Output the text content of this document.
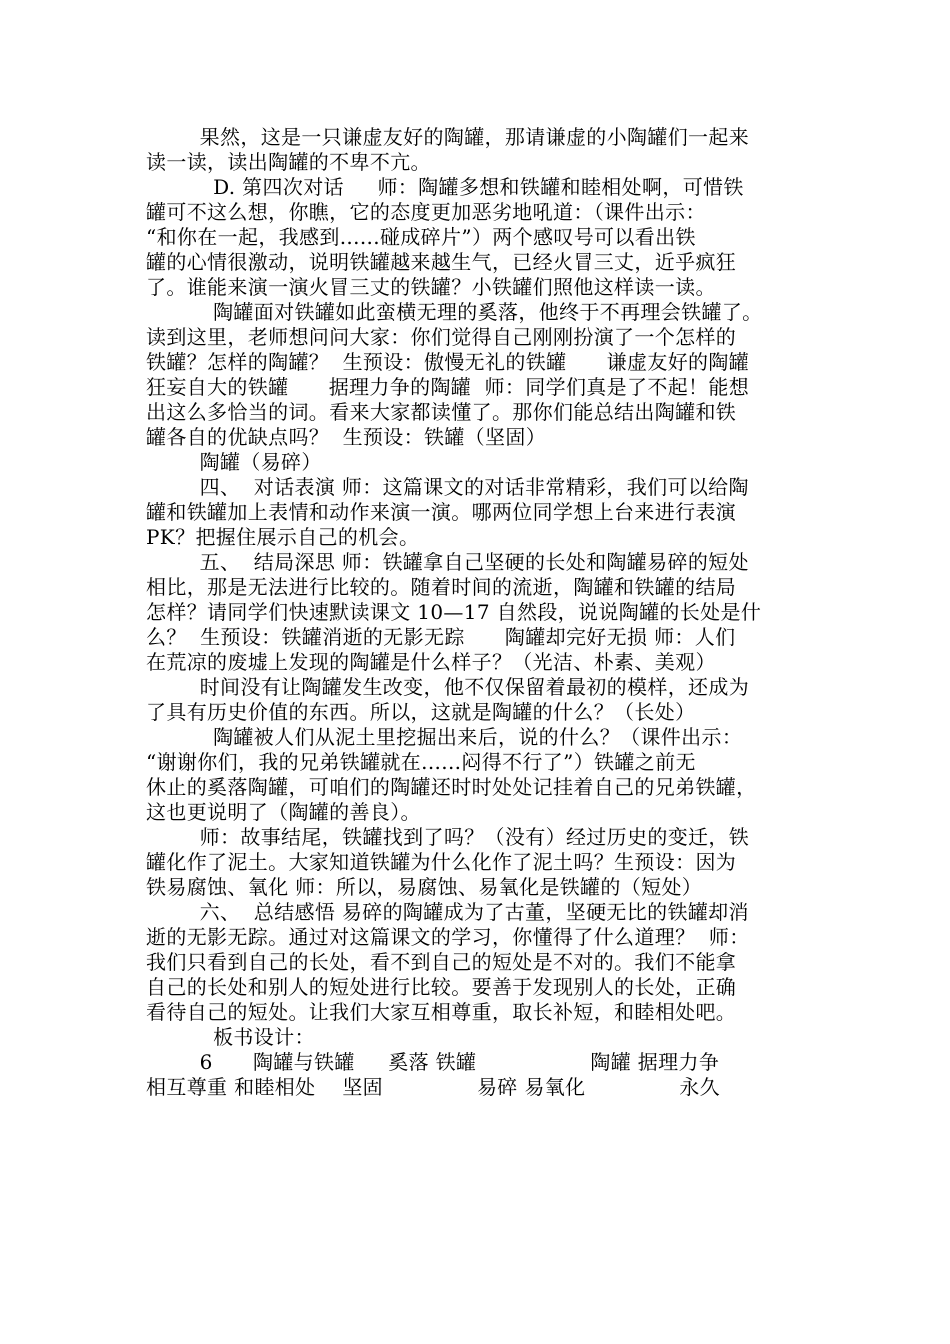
果然，这是一只谦虚友好的陶罐，那请谦虚的小陶罐们一起来
读一读，读出陶罐的不卑不亢。
D. 第四次对话     师：陶罐多想和铁罐和睦相处啊，可惜铁
罐可不这么想，你瞧，它的态度更加恶劣地吼道：（课件出示：
“和你在一起，我感到......碰成碎片”）两个感叹号可以看出铁
罐的心情很激动，说明铁罐越来越生气，已经火冒三丈，近乎疯狂
了。谁能来演一演火冒三丈的铁罐？小铁罐们照他这样读一读。
陶罐面对铁罐如此蛮横无理的奚落，他终于不再理会铁罐了。
读到这里，老师想问问大家：你们觉得自己刚刚扮演了一个怎样的
铁罐？怎样的陶罐？  生预设：傲慢无礼的铁罐      谦虚友好的陶罐
狂妄自大的铁罐      据理力争的陶罐  师：同学们真是了不起！能想
出这么多恰当的词。看来大家都读懂了。那你们能总结出陶罐和铁
罐各自的优缺点吗？  生预设：铁罐（坚固）
陶罐（易碎）
四、  对话表演 师：这篇课文的对话非常精彩，我们可以给陶
罐和铁罐加上表情和动作来演一演。哪两位同学想上台来进行表演
PK？把握住展示自己的机会。
五、  结局深思 师：铁罐拿自己坚硬的长处和陶罐易碎的短处
相比，那是无法进行比较的。随着时间的流逝，陶罐和铁罐的结局
怎样？请同学们快速默读课文 10—17 自然段，说说陶罐的长处是什
么？  生预设：铁罐消逝的无影无踪      陶罐却完好无损 师：人们
在荒凉的废墟上发现的陶罐是什么样子？（光洁、朴素、美观）
时间没有让陶罐发生改变，他不仅保留着最初的模样，还成为
了具有历史价值的东西。所以，这就是陶罐的什么？（长处）
陶罐被人们从泥土里挖掘出来后，说的什么？（课件出示：
“谢谢你们，我的兄弟铁罐就在......闷得不行了”）铁罐之前无
休止的奚落陶罐，可咱们的陶罐还时时处处记挂着自己的兄弟铁罐，
这也更说明了（陶罐的善良）。
师：故事结尾，铁罐找到了吗？（没有）经过历史的变迁，铁
罐化作了泥土。大家知道铁罐为什么化作了泥土吗？生预设：因为
铁易腐蚀、氧化 师：所以，易腐蚀、易氧化是铁罐的（短处）
六、  总结感悟 易碎的陶罐成为了古董，坚硬无比的铁罐却消
逝的无影无踪。通过对这篇课文的学习，你懂得了什么道理？  师：
我们只看到自己的长处，看不到自己的短处是不对的。我们不能拿
自己的长处和别人的短处进行比较。要善于发现别人的长处，正确
看待自己的短处。让我们大家互相尊重，取长补短，和睦相处吧。
板书设计：
6      陶罐与铁罐     奚落 铁罐                 陶罐 据理力争
相互尊重 和睦相处    坚固              易碎 易氧化              永久
